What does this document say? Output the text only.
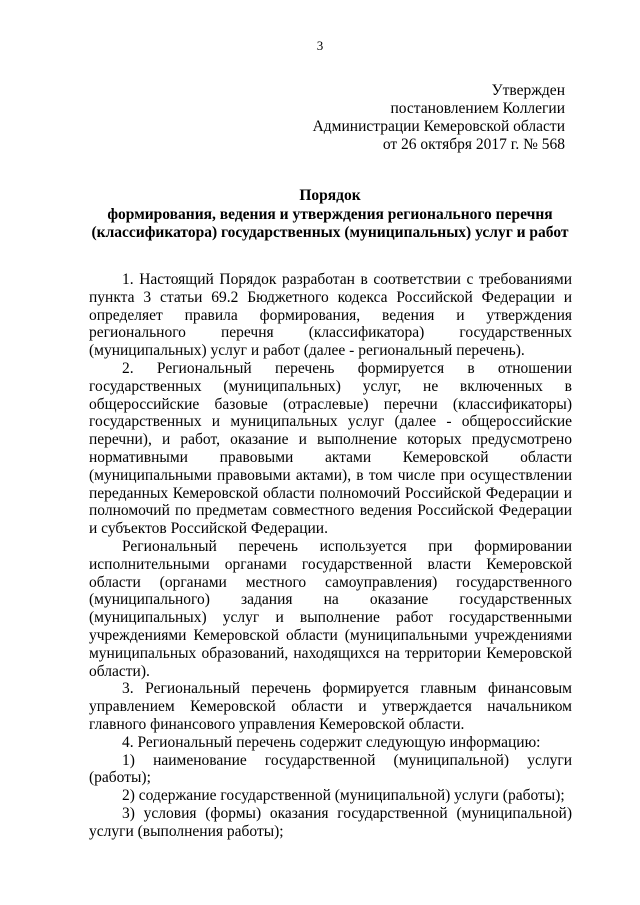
3
Утвержден
постановлением Коллегии
Администрации Кемеровской области
от 26 октября 2017 г. № 568
Порядок
формирования, ведения и утверждения регионального перечня
(классификатора) государственных (муниципальных) услуг и работ

1. Настоящий Порядок разработан в соответствии с требованиями пункта 3 статьи 69.2 Бюджетного кодекса Российской Федерации и определяет правила формирования, ведения и утверждения регионального перечня (классификатора) государственных (муниципальных) услуг и работ (далее - региональный перечень).

2. Региональный перечень формируется в отношении государственных (муниципальных) услуг, не включенных в общероссийские базовые (отраслевые) перечни (классификаторы) государственных и муниципальных услуг (далее - общероссийские перечни), и работ, оказание и выполнение которых предусмотрено нормативными правовыми актами Кемеровской области (муниципальными правовыми актами), в том числе при осуществлении переданных Кемеровской области полномочий Российской Федерации и полномочий по предметам совместного ведения Российской Федерации и субъектов Российской Федерации.

Региональный перечень используется при формировании исполнительными органами государственной власти Кемеровской области (органами местного самоуправления) государственного (муниципального) задания на оказание государственных (муниципальных) услуг и выполнение работ государственными учреждениями Кемеровской области (муниципальными учреждениями муниципальных образований, находящихся на территории Кемеровской области).

3. Региональный перечень формируется главным финансовым управлением Кемеровской области и утверждается начальником главного финансового управления Кемеровской области.

4. Региональный перечень содержит следующую информацию:

1) наименование государственной (муниципальной) услуги (работы);

2) содержание государственной (муниципальной) услуги (работы);

3) условия (формы) оказания государственной (муниципальной) услуги (выполнения работы);
